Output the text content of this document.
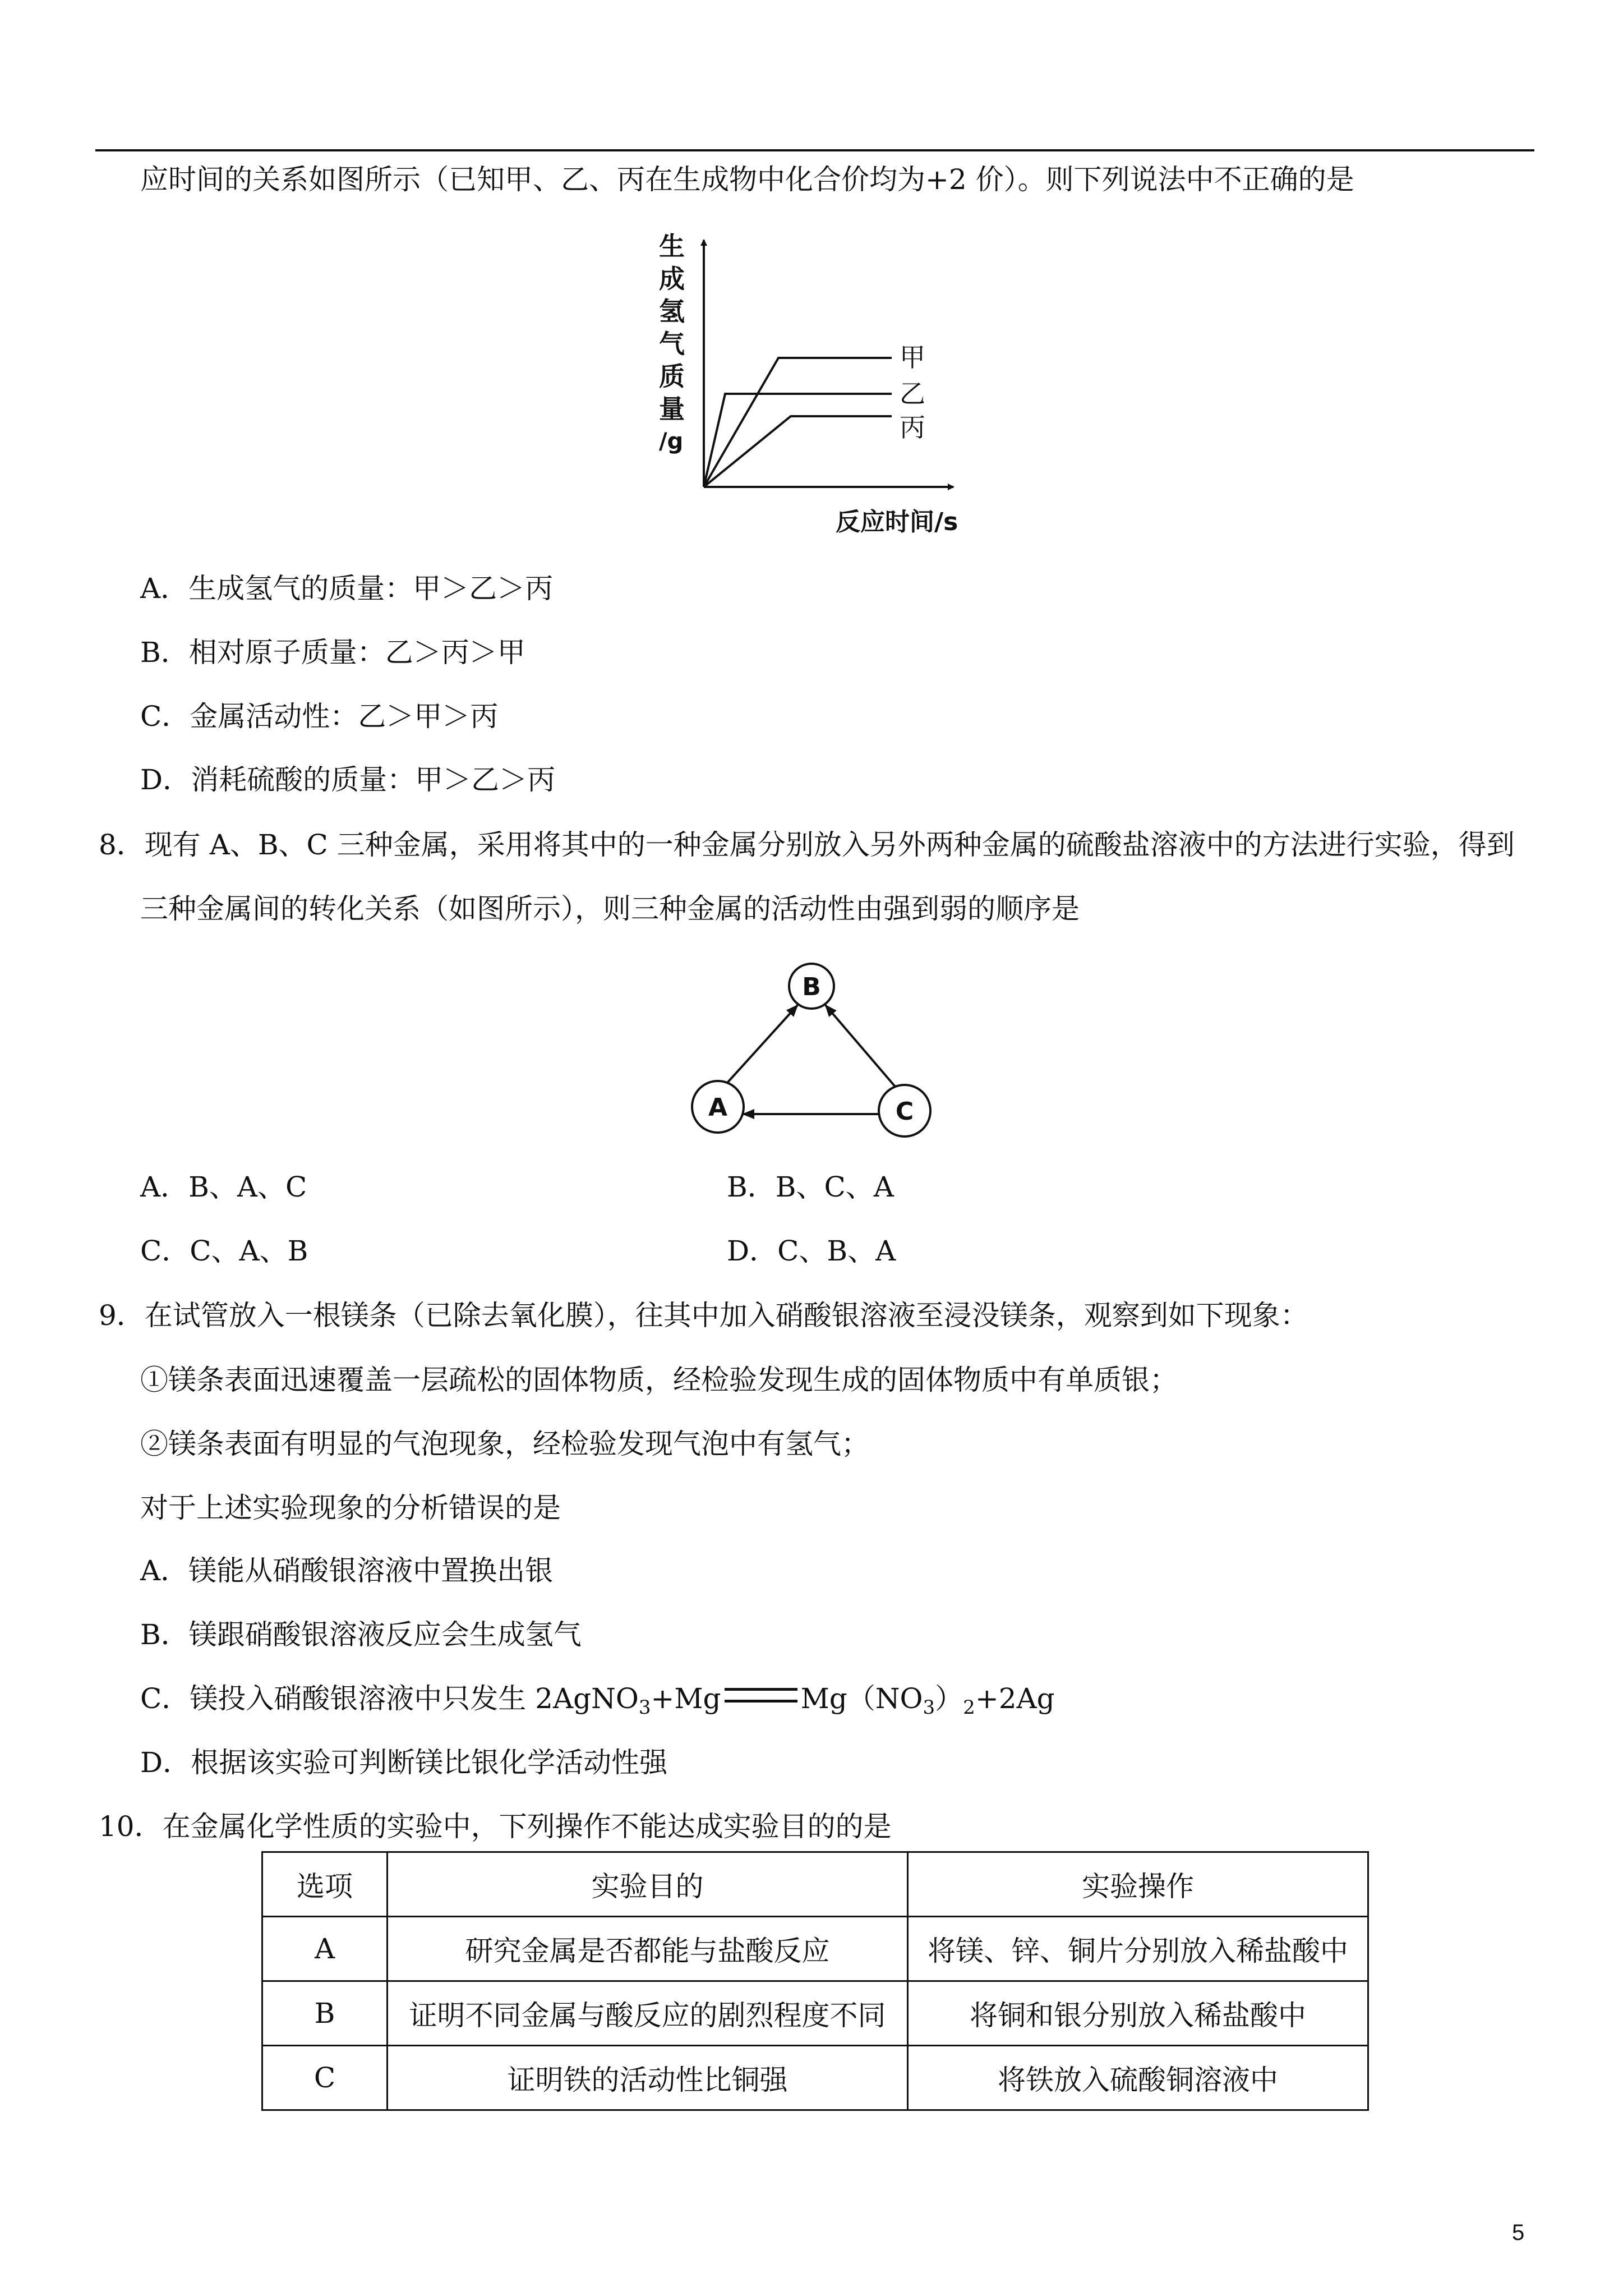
应时间的关系如图所示（已知甲、乙、丙在生成物中化合价均为+2 价）。则下列说法中不正确的是
生
成
氢
气
质
量
/g
反应时间/s
甲
乙
丙
A．生成氢气的质量：甲＞乙＞丙
B．相对原子质量：乙＞丙＞甲
C．金属活动性：乙＞甲＞丙
D．消耗硫酸的质量：甲＞乙＞丙
8．现有 A、B、C 三种金属，采用将其中的一种金属分别放入另外两种金属的硫酸盐溶液中的方法进行实验，得到
三种金属间的转化关系（如图所示），则三种金属的活动性由强到弱的顺序是
B
A	C
A．B、A、C	B．B、C、A
C．C、A、B	D．C、B、A
9．在试管放入一根镁条（已除去氧化膜），往其中加入硝酸银溶液至浸没镁条，观察到如下现象：
①镁条表面迅速覆盖一层疏松的固体物质，经检验发现生成的固体物质中有单质银；
②镁条表面有明显的气泡现象，经检验发现气泡中有氢气；
对于上述实验现象的分析错误的是
A．镁能从硝酸银溶液中置换出银
B．镁跟硝酸银溶液反应会生成氢气
C．镁投入硝酸银溶液中只发生 2AgNO$_3$+Mg	$Mg(NO_3)_2+2Ag$
D．根据该实验可判断镁比银化学活动性强
10．在金属化学性质的实验中，下列操作不能达成实验目的的是
选项	实验目的	实验操作
A	研究金属是否都能与盐酸反应	将镁、锌、铜片分别放入稀盐酸中
B	证明不同金属与酸反应的剧烈程度不同	将铜和银分别放入稀盐酸中
C	证明铁的活动性比铜强	将铁放入硫酸铜溶液中
5
